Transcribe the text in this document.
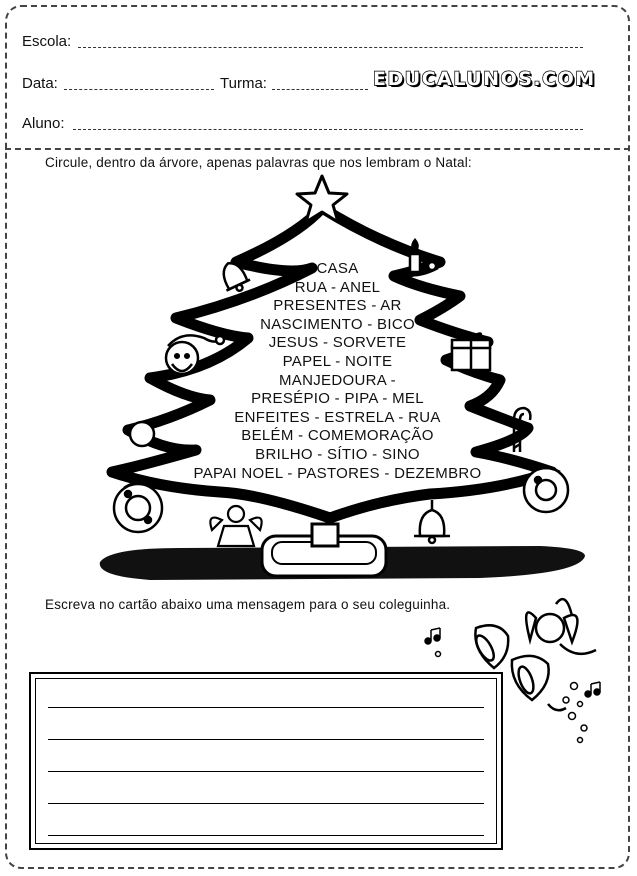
Escola:
Data:	Turma:	EDUCALUNOS.COM
Aluno:
Circule, dentro da árvore, apenas palavras que nos lembram o Natal:
CASA
RUA - ANEL
PRESENTES - AR
NASCIMENTO - BICO
JESUS - SORVETE
PAPEL - NOITE
MANJEDOURA -
PRESÉPIO - PIPA - MEL
ENFEITES - ESTRELA - RUA
BELÉM - COMEMORAÇÃO
BRILHO - SÍTIO - SINO
PAPAI NOEL - PASTORES - DEZEMBRO
Escreva no cartão abaixo uma mensagem para o seu coleguinha.
